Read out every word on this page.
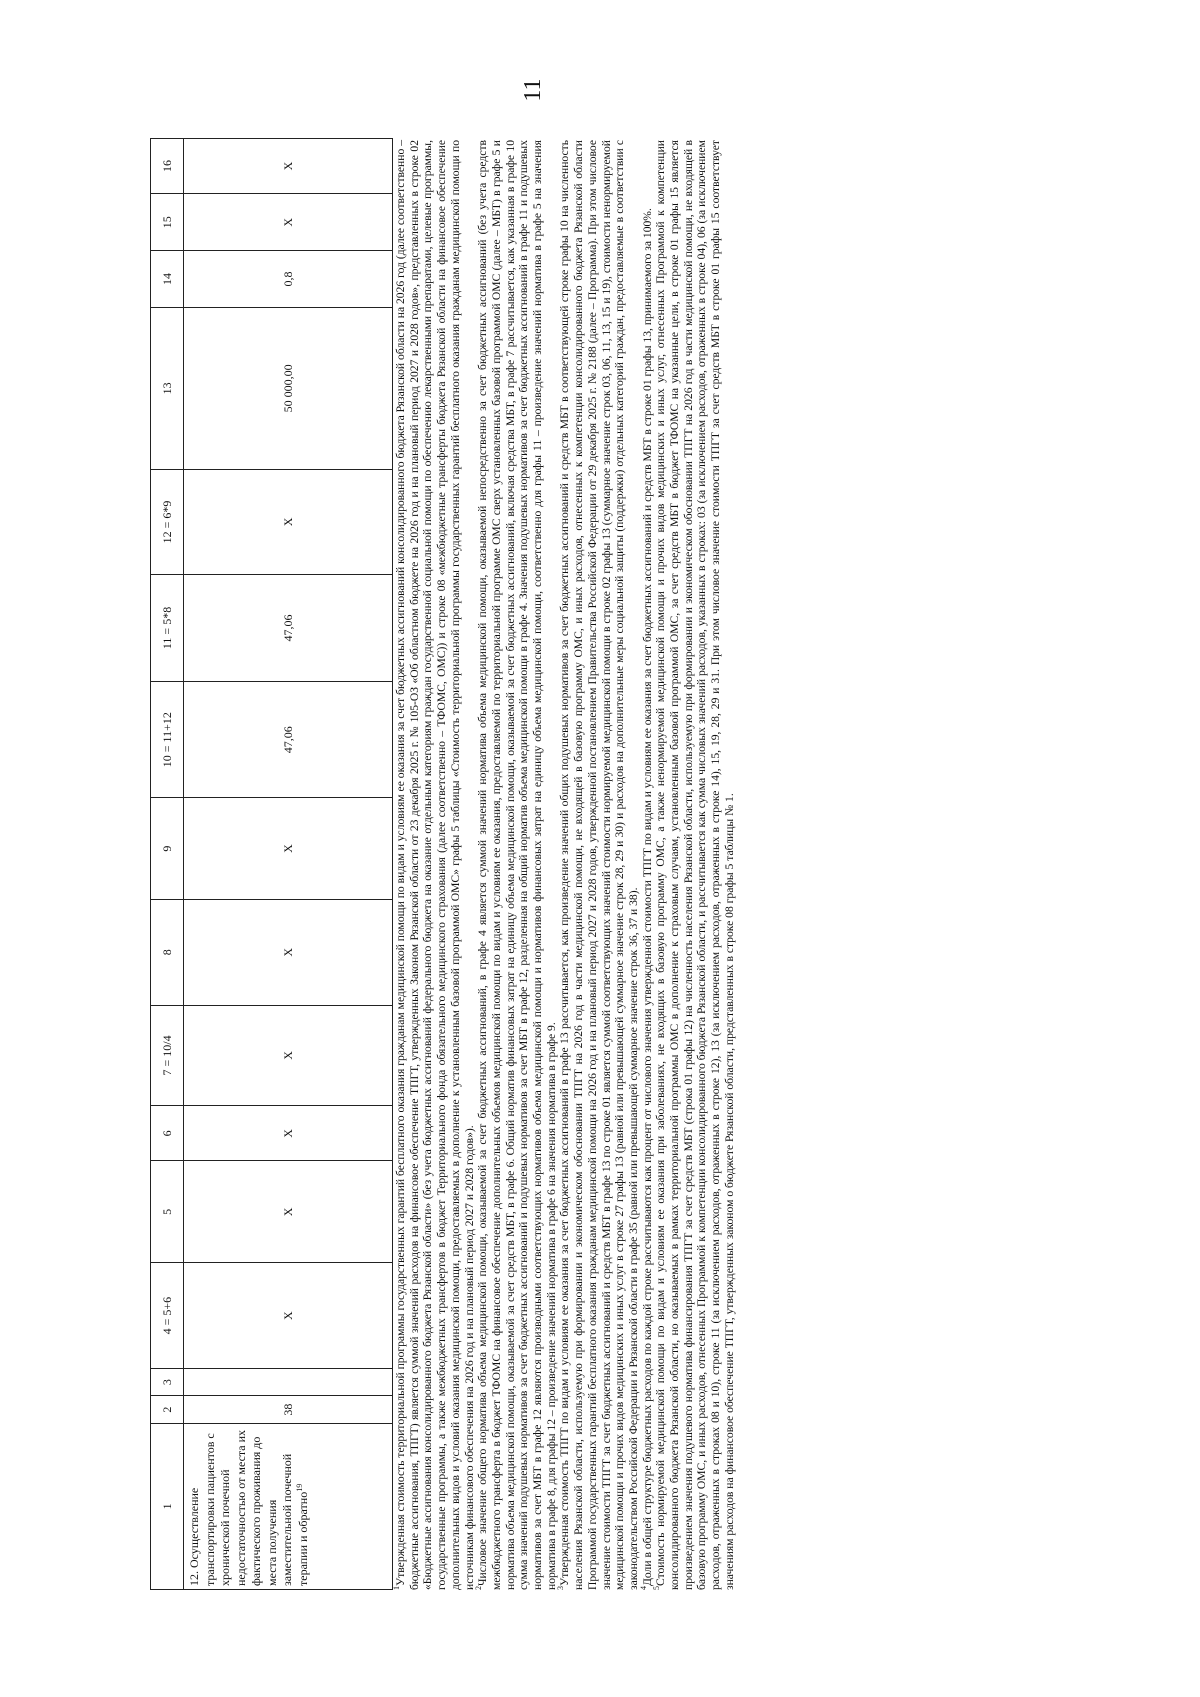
11
1	2	3	4 = 5+6	5	6	7 = 10/4	8	9	10 = 11+12	11 = 5*8	12 = 6*9	13	14	15	16
12. Осуществление транспортировки пациентов с хронической почечной недостаточностью от места их фактического проживания до места получения заместительной почечной терапии и обратно$^{19}$	38		X	X	X	X	X	X	47,06	47,06	X	50 000,00	0,8	X	X

$^1$Утвержденная стоимость территориальной программы государственных гарантий бесплатного оказания гражданам медицинской помощи по видам и условиям ее оказания за счет бюджетных ассигнований консолидированного бюджета Рязанской области на 2026 год (далее соответственно – бюджетные ассигнования, ТПГТ) является суммой значений расходов на финансовое обеспечение ТПГТ, утвержденных Законом Рязанской области от 23 декабря 2025 г. № 105-ОЗ «Об областном бюджете на 2026 год и на плановый период 2027 и 2028 годов», представленных в строке 02 «Бюджетные ассигнования консолидированного бюджета Рязанской области» (без учета бюджетных ассигнований федерального бюджета на оказание отдельным категориям граждан государственной социальной помощи по обеспечению лекарственными препаратами, целевые программы, государственные программы, а также межбюджетных трансфертов в бюджет Территориального фонда обязательного медицинского страхования (далее соответственно – ТФОМС, ОМС)) и строке 08 «межбюджетные трансферты бюджета Рязанской области на финансовое обеспечение дополнительных видов и условий оказания медицинской помощи, предоставляемых в дополнение к установленным базовой программой ОМС» графы 5 таблицы «Стоимость территориальной программы государственных гарантий бесплатного оказания гражданам медицинской помощи по источникам финансового обеспечения на 2026 год и на плановый период 2027 и 2028 годов»).

$^2$Числовое значение общего норматива объема медицинской помощи, оказываемой за счет бюджетных ассигнований, в графе 4 является суммой значений норматива объема медицинской помощи, оказываемой непосредственно за счет бюджетных ассигнований (без учета средств межбюджетного трансферта в бюджет ТФОМС на финансовое обеспечение дополнительных объемов медицинской помощи по видам и условиям ее оказания, предоставляемой по территориальной программе ОМС сверх установленных базовой программой ОМС (далее – МБТ) в графе 5 и норматива объема медицинской помощи, оказываемой за счет средств МБТ, в графе 6. Общий норматив финансовых затрат на единицу объема медицинской помощи, оказываемой за счет бюджетных ассигнований, включая средства МБТ, в графе 7 рассчитывается, как указанная в графе 10 сумма значений подушевых нормативов за счет бюджетных ассигнований и подушевых нормативов за счет МБТ в графе 12, разделенная на общий норматив объема медицинской помощи в графе 4. Значения подушевых нормативов за счет бюджетных ассигнований в графе 11 и подушевых нормативов за счет МБТ в графе 12 являются производными соответствующих нормативов объема медицинской помощи и нормативов финансовых затрат на единицу объема медицинской помощи, соответственно для графы 11 – произведение значений норматива в графе 5 на значения норматива в графе 8, для графы 12 – произведение значений норматива в графе 6 на значения норматива в графе 9.

$^3$Утвержденная стоимость ТПГТ по видам и условиям ее оказания за счет бюджетных ассигнований в графе 13 рассчитывается, как произведение значений общих подушевых нормативов за счет бюджетных ассигнований и средств МБТ в соответствующей строке графы 10 на численность населения Рязанской области, используемую при формировании и экономическом обосновании ТПГТ на 2026 год в части медицинской помощи, не входящей в базовую программу ОМС, и иных расходов, отнесенных к компетенции консолидированного бюджета Рязанской области Программой государственных гарантий бесплатного оказания гражданам медицинской помощи на 2026 год и на плановый период 2027 и 2028 годов, утвержденной постановлением Правительства Российской Федерации от 29 декабря 2025 г. № 2188 (далее – Программа). При этом числовое значение стоимости ТПГТ за счет бюджетных ассигнований и средств МБТ в графе 13 по строке 01 является суммой соответствующих значений стоимости нормируемой медицинской помощи в строке 02 графы 13 (суммарное значение строк 03, 06, 11, 13, 15 и 19), стоимости ненормируемой медицинской помощи и прочих видов медицинских и иных услуг в строке 27 графы 13 (равной или превышающей суммарное значение строк 28, 29 и 30) и расходов на дополнительные меры социальной защиты (поддержки) отдельных категорий граждан, предоставляемые в соответствии с законодательством Российской Федерации и Рязанской области в графе 35 (равной или превышающей суммарное значение строк 36, 37 и 38).

$^4$Доли в общей структуре бюджетных расходов по каждой строке рассчитываются как процент от числового значения утвержденной стоимости ТПГТ по видам и условиям ее оказания за счет бюджетных ассигнований и средств МБТ в строке 01 графы 13, принимаемого за 100%.

$^5$Стоимость нормируемой медицинской помощи по видам и условиям ее оказания при заболеваниях, не входящих в базовую программу ОМС, а также ненормируемой медицинской помощи и прочих видов медицинских и иных услуг, отнесенных Программой к компетенции консолидированного бюджета Рязанской области, но оказываемых в рамках территориальной программы ОМС в дополнение к страховым случаям, установленным базовой программой ОМС, за счет средств МБТ в бюджет ТФОМС на указанные цели, в строке 01 графы 15 является произведением значения подушевого норматива финансирования ТПГТ за счет средств МБТ (строка 01 графы 12) на численность населения Рязанской области, используемую при формировании и экономическом обосновании ТПГТ на 2026 год в части медицинской помощи, не входящей в базовую программу ОМС, и иных расходов, отнесенных Программой к компетенции консолидированного бюджета Рязанской области, и рассчитывается как сумма числовых значений расходов, указанных в строках: 03 (за исключением расходов, отраженных в строке 04), 06 (за исключением расходов, отраженных в строках 08 и 10), строке 11 (за исключением расходов, отраженных в строке 12), 13 (за исключением расходов, отраженных в строке 14), 15, 19, 28, 29 и 31. При этом числовое значение стоимости ТПГТ за счет средств МБТ в строке 01 графы 15 соответствует значениям расходов на финансовое обеспечение ТПГТ, утвержденных законом о бюджете Рязанской области, представленных в строке 08 графы 5 таблицы № 1.
